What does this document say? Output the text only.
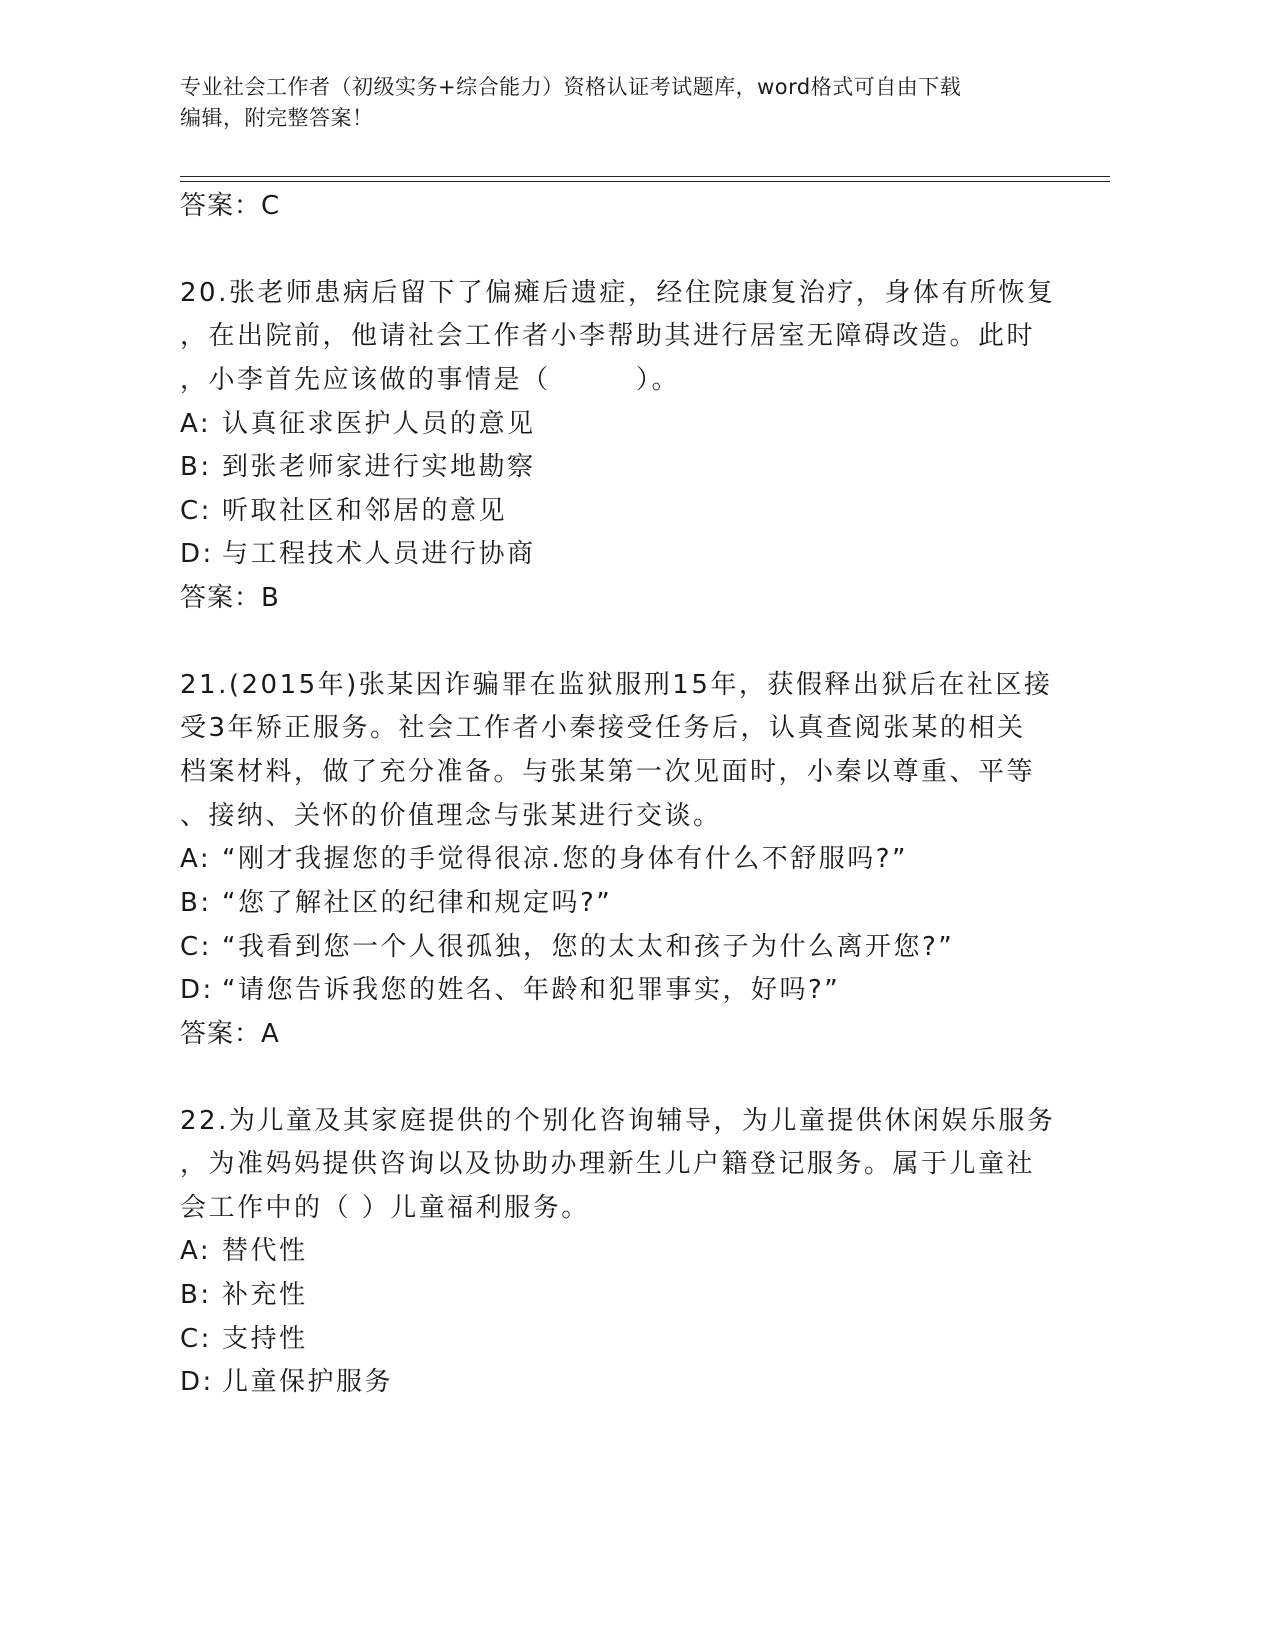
专业社会工作者（初级实务+综合能力）资格认证考试题库，word格式可自由下载
编辑，附完整答案！
答案：C
20.张老师患病后留下了偏瘫后遗症，经住院康复治疗，身体有所恢复
，在出院前，他请社会工作者小李帮助其进行居室无障碍改造。此时
，小李首先应该做的事情是（　　　）。
A: 认真征求医护人员的意见
B: 到张老师家进行实地勘察
C: 听取社区和邻居的意见
D: 与工程技术人员进行协商
答案：B
21.(2015年)张某因诈骗罪在监狱服刑15年，获假释出狱后在社区接
受3年矫正服务。社会工作者小秦接受任务后，认真查阅张某的相关
档案材料，做了充分准备。与张某第一次见面时，小秦以尊重、平等
、接纳、关怀的价值理念与张某进行交谈。
A: “刚才我握您的手觉得很凉.您的身体有什么不舒服吗?”
B: “您了解社区的纪律和规定吗?”
C: “我看到您一个人很孤独，您的太太和孩子为什么离开您?”
D: “请您告诉我您的姓名、年龄和犯罪事实，好吗?”
答案：A
22.为儿童及其家庭提供的个别化咨询辅导，为儿童提供休闲娱乐服务
，为准妈妈提供咨询以及协助办理新生儿户籍登记服务。属于儿童社
会工作中的（ ）儿童福利服务。
A: 替代性
B: 补充性
C: 支持性
D: 儿童保护服务
